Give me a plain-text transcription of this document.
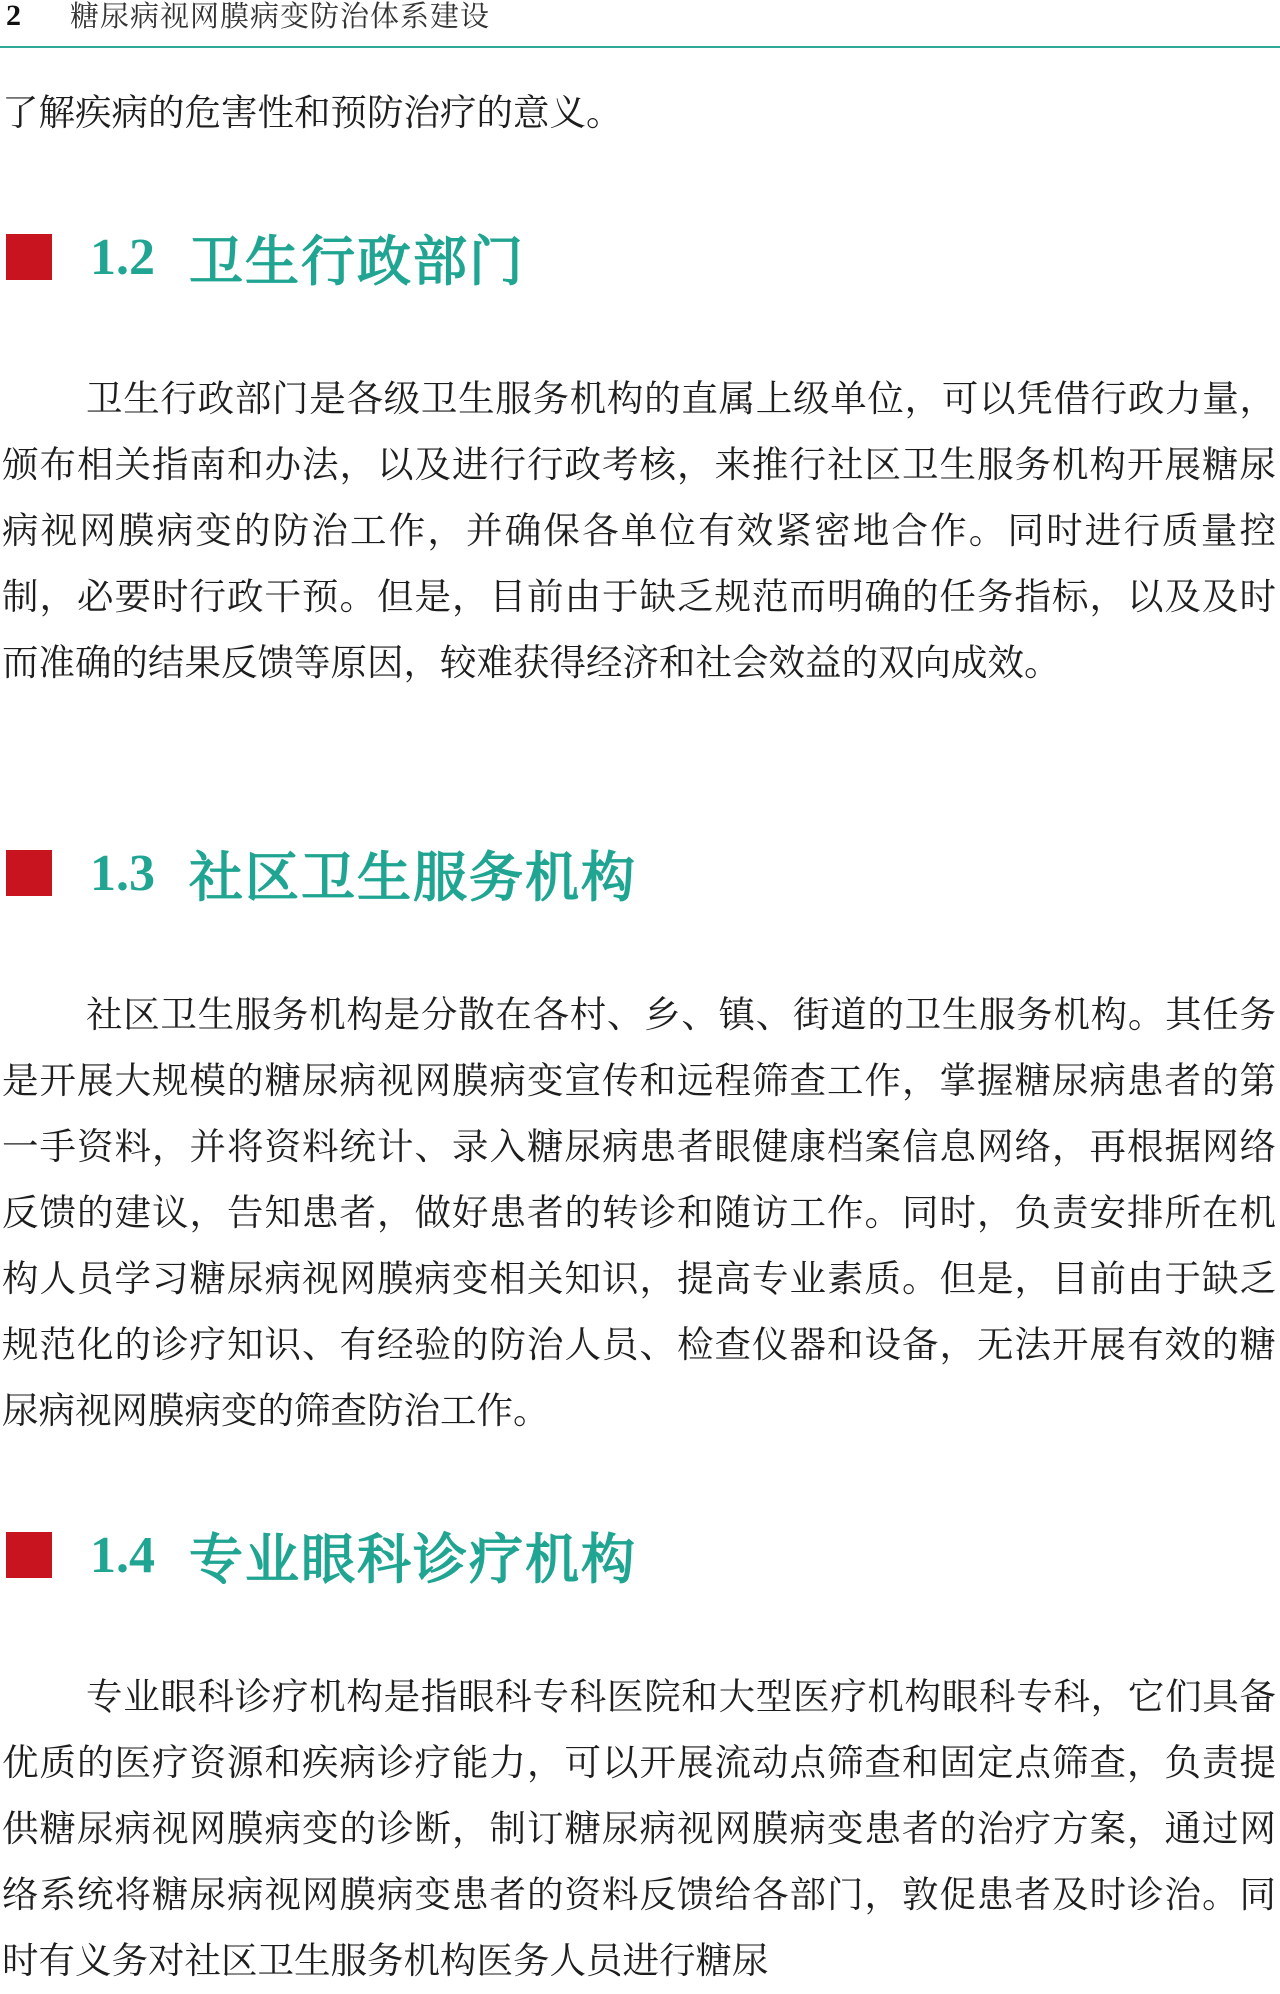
2 糖尿病视网膜病变防治体系建设

了解疾病的危害性和预防治疗的意义。

1.2 卫生行政部门

卫生行政部门是各级卫生服务机构的直属上级单位，可以凭借行政力量，颁布相关指南和办法，以及进行行政考核，来推行社区卫生服务机构开展糖尿病视网膜病变的防治工作，并确保各单位有效紧密地合作。同时进行质量控制，必要时行政干预。但是，目前由于缺乏规范而明确的任务指标，以及及时而准确的结果反馈等原因，较难获得经济和社会效益的双向成效。

1.3 社区卫生服务机构

社区卫生服务机构是分散在各村、乡、镇、街道的卫生服务机构。其任务是开展大规模的糖尿病视网膜病变宣传和远程筛查工作，掌握糖尿病患者的第一手资料，并将资料统计、录入糖尿病患者眼健康档案信息网络，再根据网络反馈的建议，告知患者，做好患者的转诊和随访工作。同时，负责安排所在机构人员学习糖尿病视网膜病变相关知识，提高专业素质。但是，目前由于缺乏规范化的诊疗知识、有经验的防治人员、检查仪器和设备，无法开展有效的糖尿病视网膜病变的筛查防治工作。

1.4 专业眼科诊疗机构

专业眼科诊疗机构是指眼科专科医院和大型医疗机构眼科专科，它们具备优质的医疗资源和疾病诊疗能力，可以开展流动点筛查和固定点筛查，负责提供糖尿病视网膜病变的诊断，制订糖尿病视网膜病变患者的治疗方案，通过网络系统将糖尿病视网膜病变患者的资料反馈给各部门，敦促患者及时诊治。同时有义务对社区卫生服务机构医务人员进行糖尿
